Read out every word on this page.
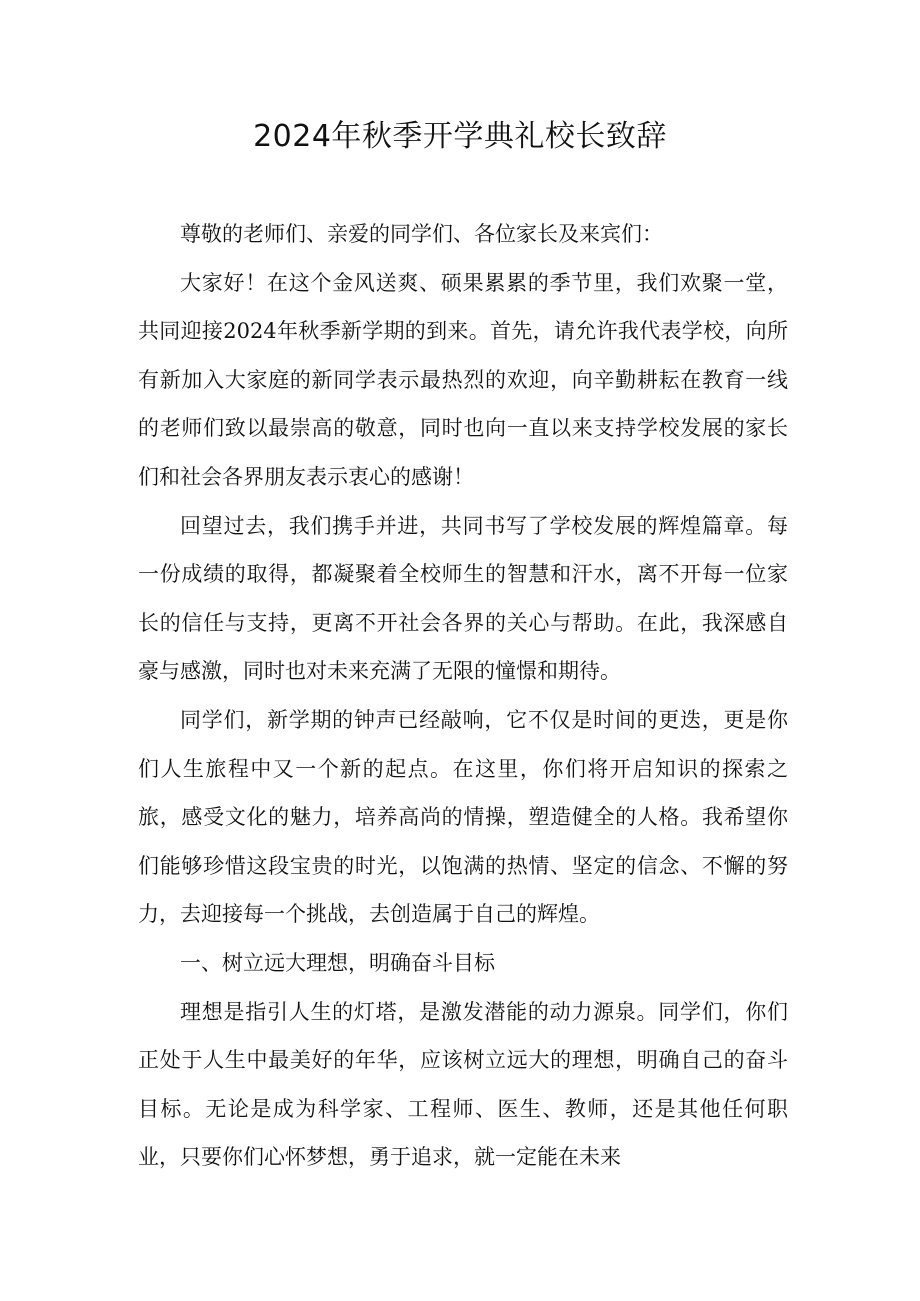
2024年秋季开学典礼校长致辞

尊敬的老师们、亲爱的同学们、各位家长及来宾们：

大家好！在这个金风送爽、硕果累累的季节里，我们欢聚一堂，共同迎接2024年秋季新学期的到来。首先，请允许我代表学校，向所有新加入大家庭的新同学表示最热烈的欢迎，向辛勤耕耘在教育一线的老师们致以最崇高的敬意，同时也向一直以来支持学校发展的家长们和社会各界朋友表示衷心的感谢！

回望过去，我们携手并进，共同书写了学校发展的辉煌篇章。每一份成绩的取得，都凝聚着全校师生的智慧和汗水，离不开每一位家长的信任与支持，更离不开社会各界的关心与帮助。在此，我深感自豪与感激，同时也对未来充满了无限的憧憬和期待。

同学们，新学期的钟声已经敲响，它不仅是时间的更迭，更是你们人生旅程中又一个新的起点。在这里，你们将开启知识的探索之旅，感受文化的魅力，培养高尚的情操，塑造健全的人格。我希望你们能够珍惜这段宝贵的时光，以饱满的热情、坚定的信念、不懈的努力，去迎接每一个挑战，去创造属于自己的辉煌。

一、树立远大理想，明确奋斗目标

理想是指引人生的灯塔，是激发潜能的动力源泉。同学们，你们正处于人生中最美好的年华，应该树立远大的理想，明确自己的奋斗目标。无论是成为科学家、工程师、医生、教师，还是其他任何职业，只要你们心怀梦想，勇于追求，就一定能在未来
